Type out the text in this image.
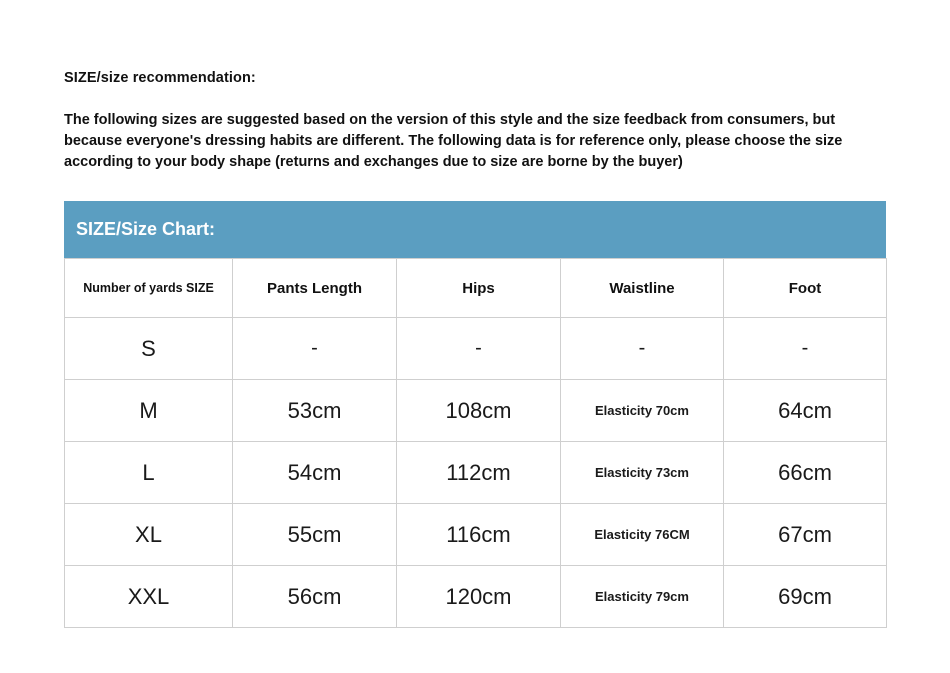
SIZE/size recommendation:
The following sizes are suggested based on the version of this style and the size feedback from consumers, but because everyone's dressing habits are different. The following data is for reference only, please choose the size according to your body shape (returns and exchanges due to size are borne by the buyer)
SIZE/Size Chart:
Number of yards SIZE	Pants Length	Hips	Waistline	Foot
S	-	-	-	-
M	53cm	108cm	Elasticity 70cm	64cm
L	54cm	112cm	Elasticity 73cm	66cm
XL	55cm	116cm	Elasticity 76CM	67cm
XXL	56cm	120cm	Elasticity 79cm	69cm
